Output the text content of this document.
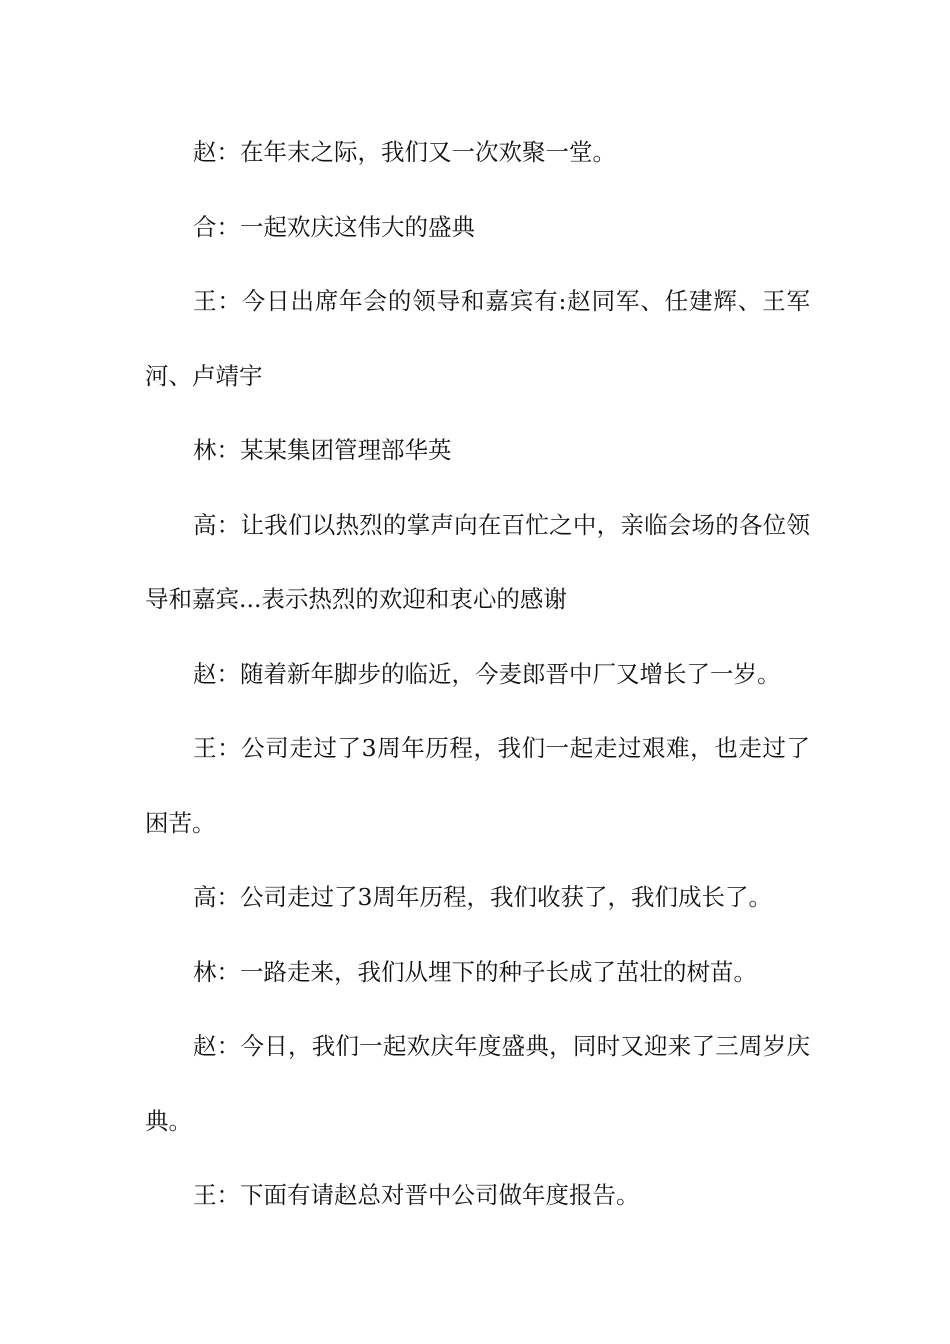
赵：在年末之际，我们又一次欢聚一堂。

合：一起欢庆这伟大的盛典

王：今日出席年会的领导和嘉宾有:赵同军、任建辉、王军河、卢靖宇

林：某某集团管理部华英

高：让我们以热烈的掌声向在百忙之中，亲临会场的各位领导和嘉宾...表示热烈的欢迎和衷心的感谢

赵：随着新年脚步的临近，今麦郎晋中厂又增长了一岁。

王：公司走过了3周年历程，我们一起走过艰难，也走过了困苦。

高：公司走过了3周年历程，我们收获了，我们成长了。

林：一路走来，我们从埋下的种子长成了茁壮的树苗。

赵：今日，我们一起欢庆年度盛典，同时又迎来了三周岁庆典。

王：下面有请赵总对晋中公司做年度报告。
